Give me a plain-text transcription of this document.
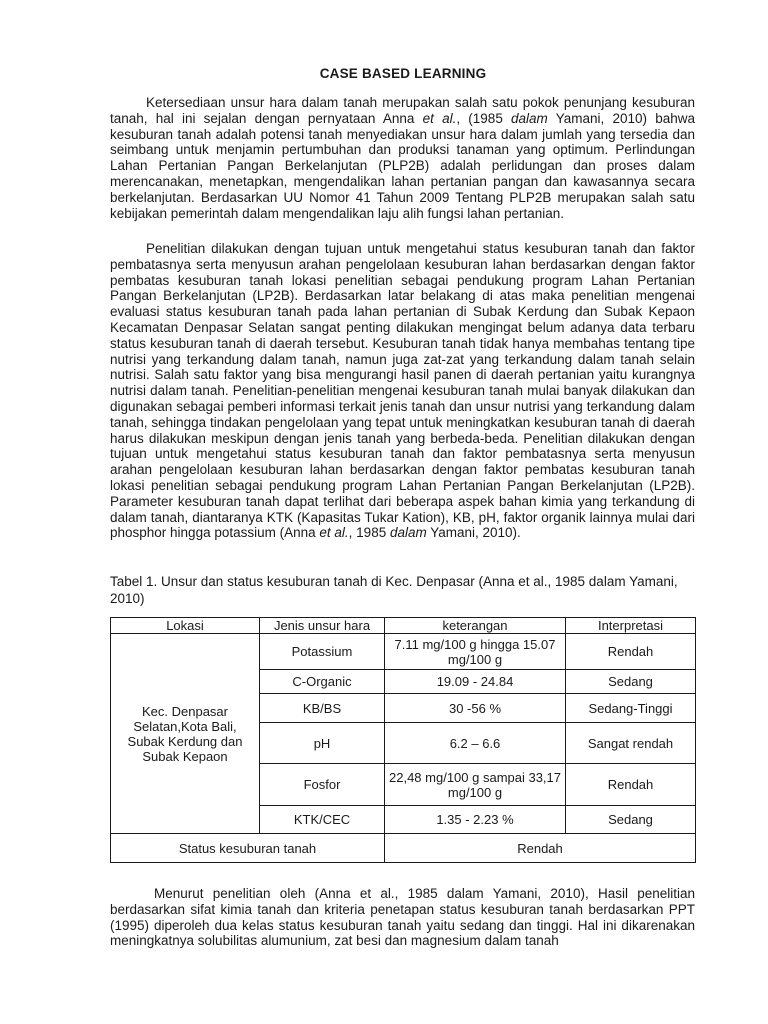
CASE BASED LEARNING

Ketersediaan unsur hara dalam tanah merupakan salah satu pokok penunjang kesuburan tanah, hal ini sejalan dengan pernyataan Anna et al., (1985 dalam Yamani, 2010) bahwa kesuburan tanah adalah potensi tanah menyediakan unsur hara dalam jumlah yang tersedia dan seimbang untuk menjamin pertumbuhan dan produksi tanaman yang optimum. Perlindungan Lahan Pertanian Pangan Berkelanjutan (PLP2B) adalah perlidungan dan proses dalam merencanakan, menetapkan, mengendalikan lahan pertanian pangan dan kawasannya secara berkelanjutan. Berdasarkan UU Nomor 41 Tahun 2009 Tentang PLP2B merupakan salah satu kebijakan pemerintah dalam mengendalikan laju alih fungsi lahan pertanian.

Penelitian dilakukan dengan tujuan untuk mengetahui status kesuburan tanah dan faktor pembatasnya serta menyusun arahan pengelolaan kesuburan lahan berdasarkan dengan faktor pembatas kesuburan tanah lokasi penelitian sebagai pendukung program Lahan Pertanian Pangan Berkelanjutan (LP2B). Berdasarkan latar belakang di atas maka penelitian mengenai evaluasi status kesuburan tanah pada lahan pertanian di Subak Kerdung dan Subak Kepaon Kecamatan Denpasar Selatan sangat penting dilakukan mengingat belum adanya data terbaru status kesuburan tanah di daerah tersebut. Kesuburan tanah tidak hanya membahas tentang tipe nutrisi yang terkandung dalam tanah, namun juga zat-zat yang terkandung dalam tanah selain nutrisi. Salah satu faktor yang bisa mengurangi hasil panen di daerah pertanian yaitu kurangnya nutrisi dalam tanah. Penelitian-penelitian mengenai kesuburan tanah mulai banyak dilakukan dan digunakan sebagai pemberi informasi terkait jenis tanah dan unsur nutrisi yang terkandung dalam tanah, sehingga tindakan pengelolaan yang tepat untuk meningkatkan kesuburan tanah di daerah harus dilakukan meskipun dengan jenis tanah yang berbeda-beda. Penelitian dilakukan dengan tujuan untuk mengetahui status kesuburan tanah dan faktor pembatasnya serta menyusun arahan pengelolaan kesuburan lahan berdasarkan dengan faktor pembatas kesuburan tanah lokasi penelitian sebagai pendukung program Lahan Pertanian Pangan Berkelanjutan (LP2B). Parameter kesuburan tanah dapat terlihat dari beberapa aspek bahan kimia yang terkandung di dalam tanah, diantaranya KTK (Kapasitas Tukar Kation), KB, pH, faktor organik lainnya mulai dari phosphor hingga potassium (Anna et al., 1985 dalam Yamani, 2010).

Tabel 1. Unsur dan status kesuburan tanah di Kec. Denpasar (Anna et al., 1985 dalam Yamani, 2010)

Lokasi	Jenis unsur hara	keterangan	Interpretasi
Kec. Denpasar Selatan,Kota Bali, Subak Kerdung dan Subak Kepaon	Potassium	7.11 mg/100 g hingga 15.07 mg/100 g	Rendah
	C-Organic	19.09 - 24.84	Sedang
	KB/BS	30 -56 %	Sedang-Tinggi
	pH	6.2 – 6.6	Sangat rendah
	Fosfor	22,48 mg/100 g sampai 33,17 mg/100 g	Rendah
	KTK/CEC	1.35 - 2.23 %	Sedang
Status kesuburan tanah		Rendah	

Menurut penelitian oleh (Anna et al., 1985 dalam Yamani, 2010), Hasil penelitian berdasarkan sifat kimia tanah dan kriteria penetapan status kesuburan tanah berdasarkan PPT (1995) diperoleh dua kelas status kesuburan tanah yaitu sedang dan tinggi. Hal ini dikarenakan meningkatnya solubilitas alumunium, zat besi dan magnesium dalam tanah
